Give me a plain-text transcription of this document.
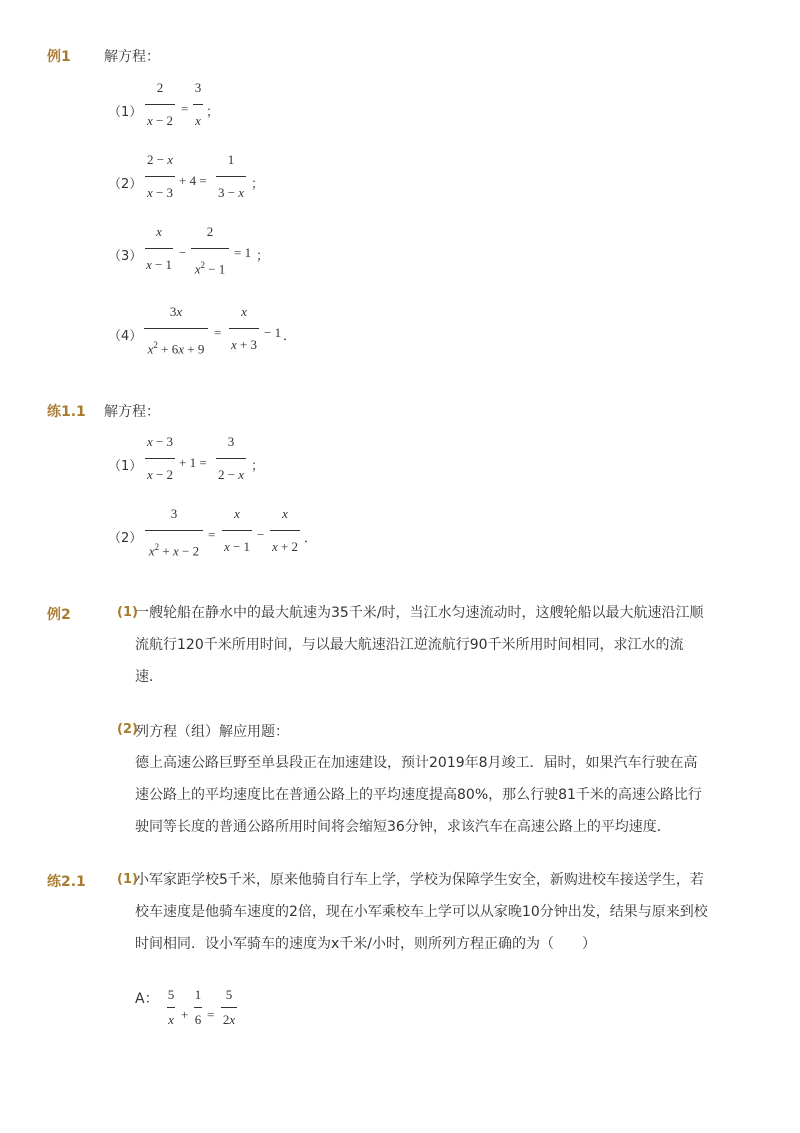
例1 解方程：
（1）
2
x − 2
=
3
x
；
（2）
2 − x
x − 3
+ 4 =
1
3 − x
；
（3）
x
x − 1
−
2
$x^2 - 1$
= 1 ；
（4）
3x
$x^2 + 6x + 9$
=
x
x + 3
− 1 ．
练1.1 解方程：
（1）
x − 3
x − 2
+ 1 =
3
2 − x
；
（2）
3
$x^2 + x - 2$
=
x
x − 1
−
x
x + 2
．
例2	(1)
一艘轮船在静水中的最大航速为35千米/时，当江水匀速流动时，这艘轮船以最大航速沿江顺
流航行120千米所用时间，与以最大航速沿江逆流航行90千米所用时间相同，求江水的流
速．
(2)
列方程（组）解应用题：
德上高速公路巨野至单县段正在加速建设，预计2019年8月竣工．届时，如果汽车行驶在高
速公路上的平均速度比在普通公路上的平均速度提高80%，那么行驶81千米的高速公路比行
驶同等长度的普通公路所用时间将会缩短36分钟，求该汽车在高速公路上的平均速度．
练2.1 (1)
小军家距学校5千米，原来他骑自行车上学，学校为保障学生安全，新购进校车接送学生，若
校车速度是他骑车速度的2倍，现在小军乘校车上学可以从家晚10分钟出发，结果与原来到校
时间相同．设小军骑车的速度为x千米/小时，则所列方程正确的为（　　）
A： 5
x +
1
6 =
5
2x
